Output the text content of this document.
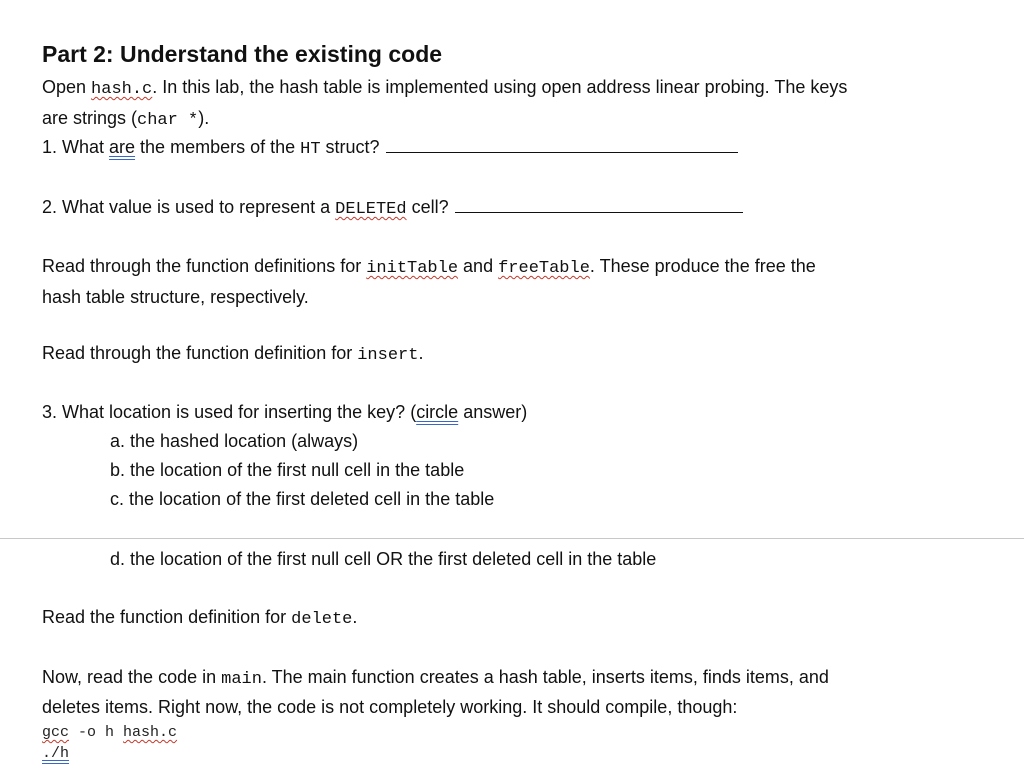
Part 2: Understand the existing code
Open hash.c. In this lab, the hash table is implemented using open address linear probing. The keys
are strings (char *).
1. What are the members of the HT struct?
2. What value is used to represent a DELETEd cell?
Read through the function definitions for initTable and freeTable. These produce the free the
hash table structure, respectively.
Read through the function definition for insert.
3. What location is used for inserting the key? (circle answer)
a. the hashed location (always)
b. the location of the first null cell in the table
c. the location of the first deleted cell in the table
d. the location of the first null cell OR the first deleted cell in the table
Read the function definition for delete.
Now, read the code in main. The main function creates a hash table, inserts items, finds items, and
deletes items. Right now, the code is not completely working. It should compile, though:
gcc -o h hash.c
./h
